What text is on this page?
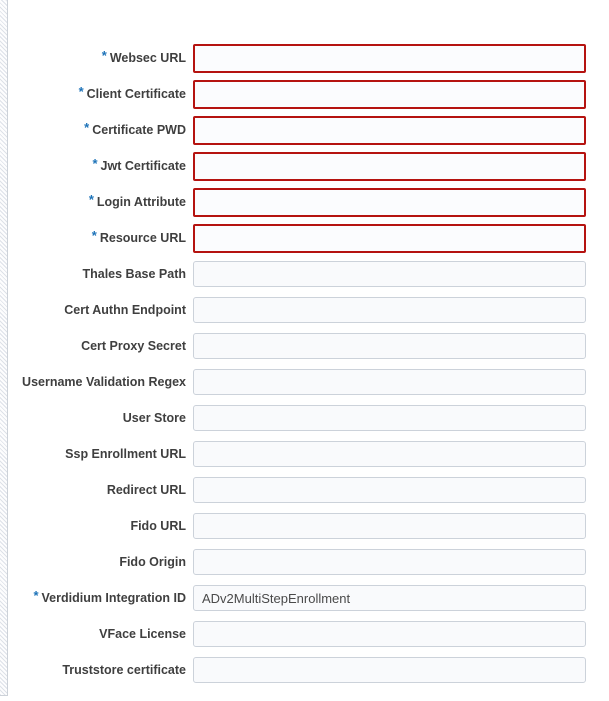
* Websec URL
* Client Certificate
* Certificate PWD
* Jwt Certificate
* Login Attribute
* Resource URL
Thales Base Path
Cert Authn Endpoint
Cert Proxy Secret
Username Validation Regex
User Store
Ssp Enrollment URL
Redirect URL
Fido URL
Fido Origin
* Verdidium Integration ID
ADv2MultiStepEnrollment
VFace License
Truststore certificate
